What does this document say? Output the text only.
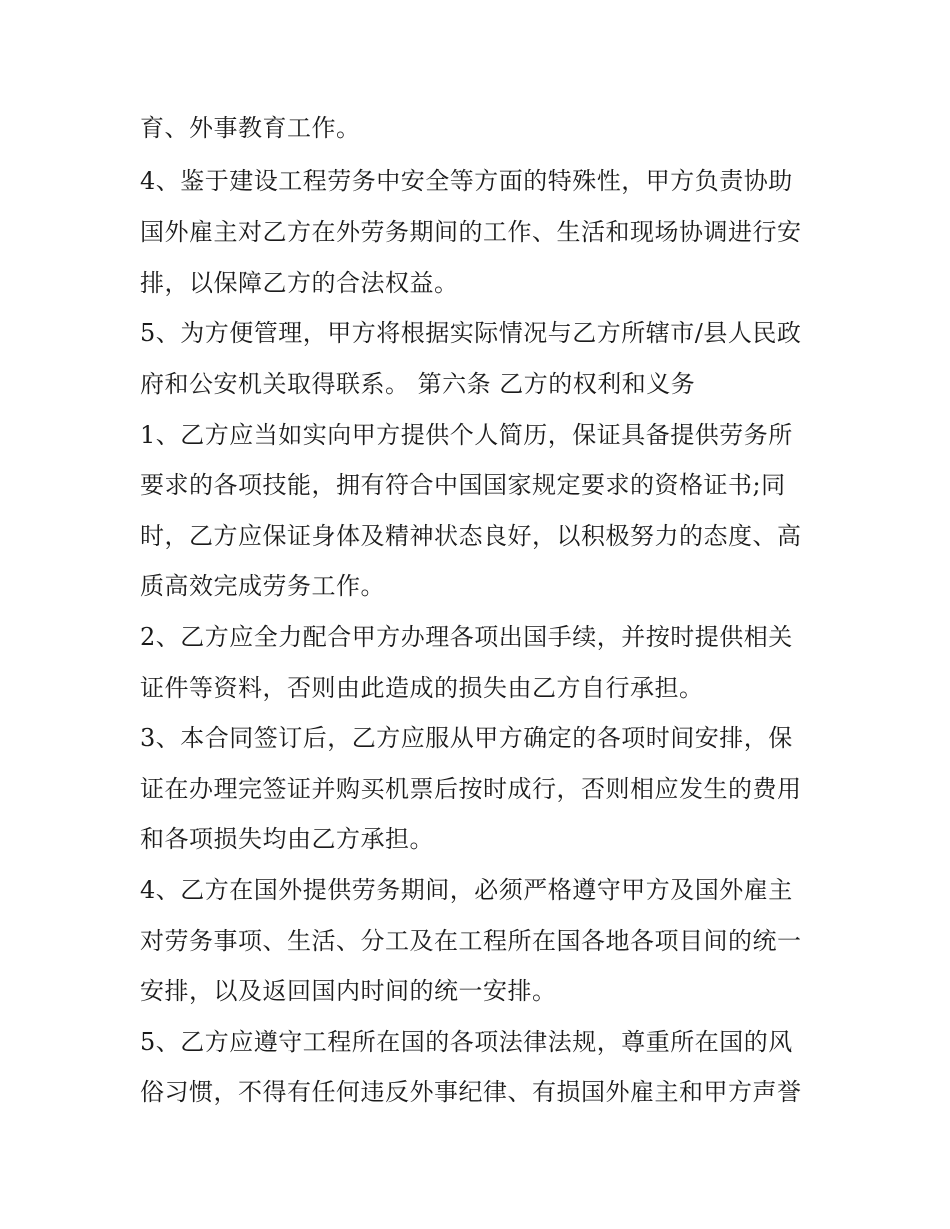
育、外事教育工作。
4、鉴于建设工程劳务中安全等方面的特殊性，甲方负责协助
国外雇主对乙方在外劳务期间的工作、生活和现场协调进行安
排，以保障乙方的合法权益。
5、为方便管理，甲方将根据实际情况与乙方所辖市/县人民政
府和公安机关取得联系。 第六条 乙方的权利和义务
1、乙方应当如实向甲方提供个人简历，保证具备提供劳务所
要求的各项技能，拥有符合中国国家规定要求的资格证书;同
时，乙方应保证身体及精神状态良好，以积极努力的态度、高
质高效完成劳务工作。
2、乙方应全力配合甲方办理各项出国手续，并按时提供相关
证件等资料，否则由此造成的损失由乙方自行承担。
3、本合同签订后，乙方应服从甲方确定的各项时间安排，保
证在办理完签证并购买机票后按时成行，否则相应发生的费用
和各项损失均由乙方承担。
4、乙方在国外提供劳务期间，必须严格遵守甲方及国外雇主
对劳务事项、生活、分工及在工程所在国各地各项目间的统一
安排，以及返回国内时间的统一安排。
5、乙方应遵守工程所在国的各项法律法规，尊重所在国的风
俗习惯，不得有任何违反外事纪律、有损国外雇主和甲方声誉
